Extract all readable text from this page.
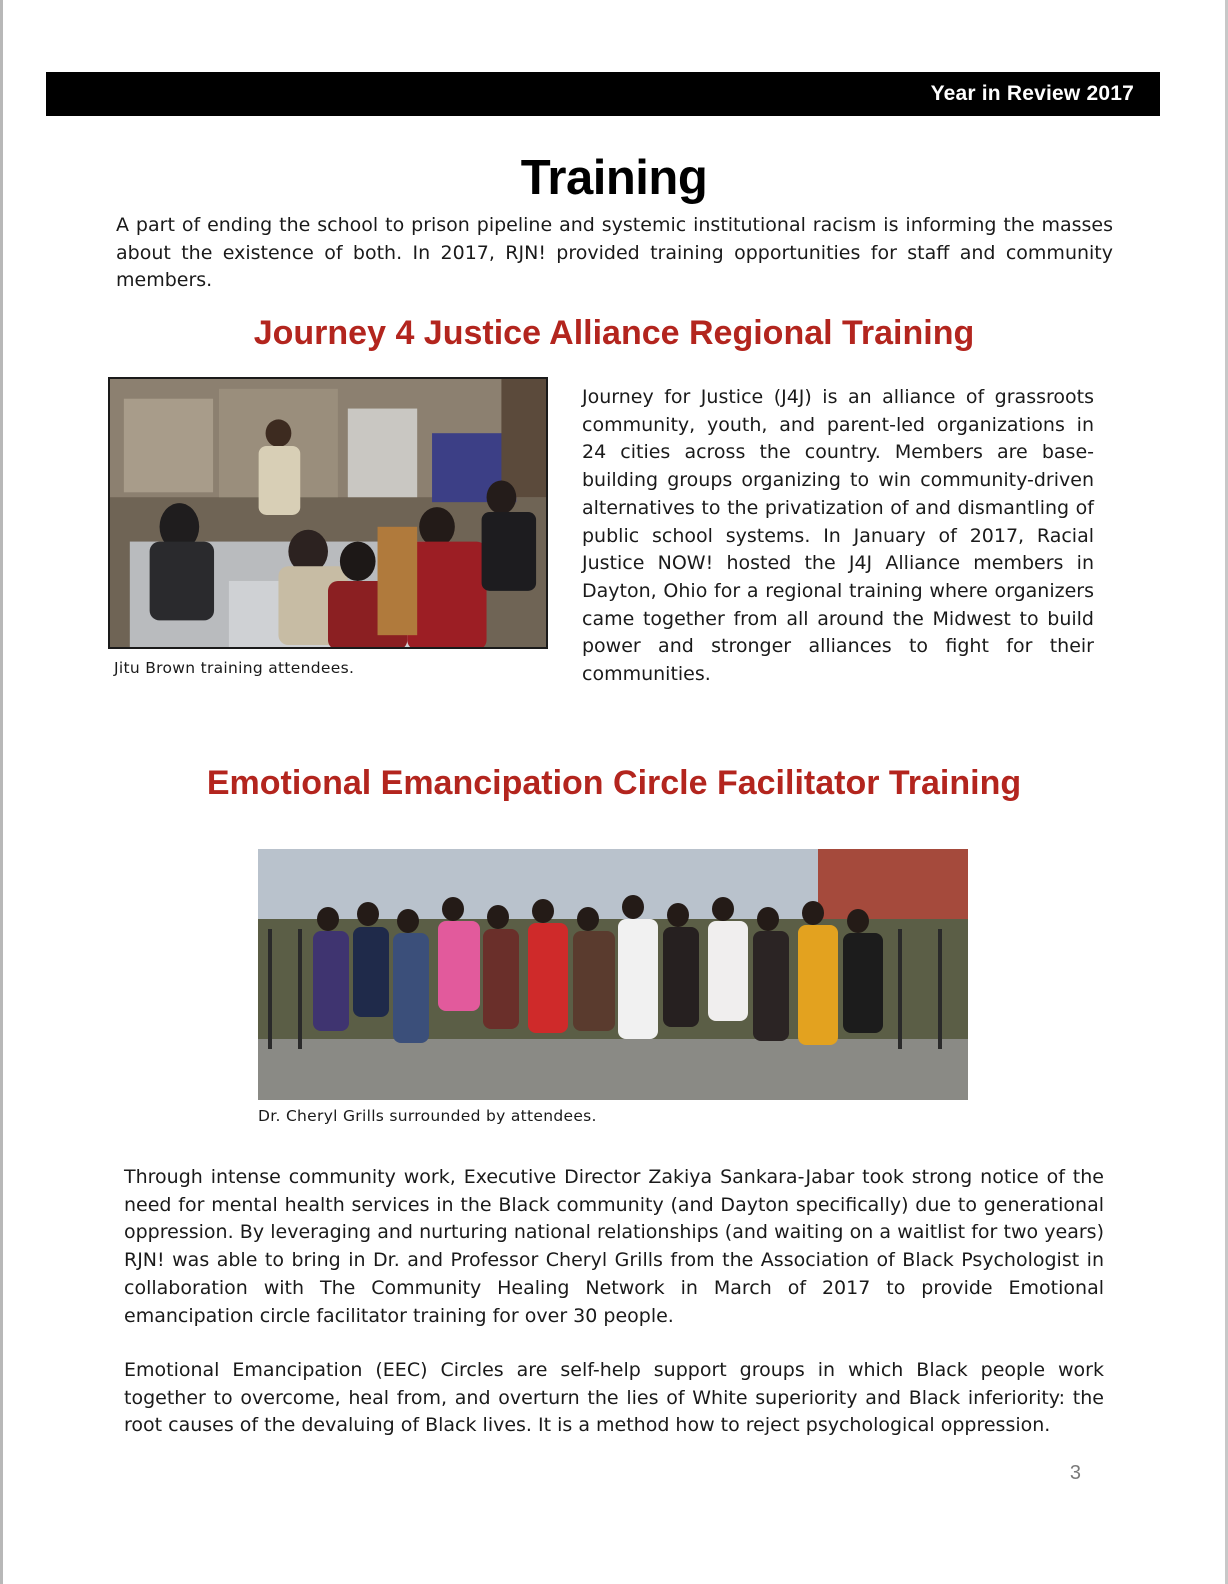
Year in Review 2017
Training

A part of ending the school to prison pipeline and systemic institutional racism is informing the masses about the existence of both. In 2017, RJN! provided training opportunities for staff and community members.

Journey 4 Justice Alliance Regional Training

Jitu Brown training attendees.

Journey for Justice (J4J) is an alliance of grassroots community, youth, and parent-led organizations in 24 cities across the country. Members are base-building groups organizing to win community-driven alternatives to the privatization of and dismantling of public school systems. In January of 2017, Racial Justice NOW! hosted the J4J Alliance members in Dayton, Ohio for a regional training where organizers came together from all around the Midwest to build power and stronger alliances to fight for their communities.

Emotional Emancipation Circle Facilitator Training

Dr. Cheryl Grills surrounded by attendees.

Through intense community work, Executive Director Zakiya Sankara-Jabar took strong notice of the need for mental health services in the Black community (and Dayton specifically) due to generational oppression. By leveraging and nurturing national relationships (and waiting on a waitlist for two years) RJN! was able to bring in Dr. and Professor Cheryl Grills from the Association of Black Psychologist in collaboration with The Community Healing Network in March of 2017 to provide Emotional emancipation circle facilitator training for over 30 people.

Emotional Emancipation (EEC) Circles are self-help support groups in which Black people work together to overcome, heal from, and overturn the lies of White superiority and Black inferiority: the root causes of the devaluing of Black lives. It is a method how to reject psychological oppression.

3
